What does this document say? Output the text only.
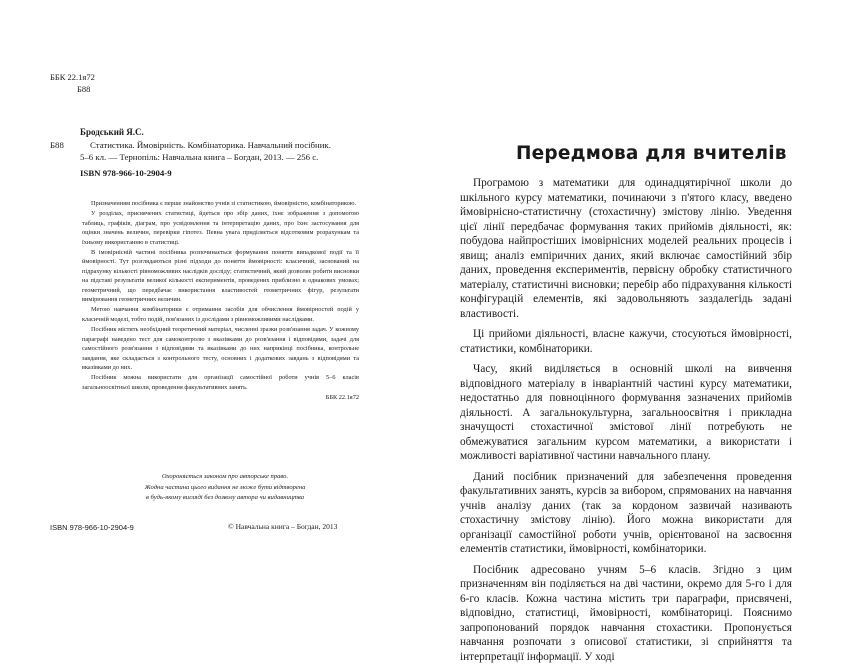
ББК 22.1я72
Б88
Бродський Я.С.
Б88	Статистика. Ймовірність. Комбінаторика. Навчальний посібник.
5–6 кл. — Тернопіль: Навчальна книга – Богдан, 2013. — 256 с.
ISBN 978-966-10-2904-9

Призначенням посібника є перше знайомство учнів зі статистикою, ймовірністю, комбінаторикою.

У розділах, присвячених статистиці, йдеться про збір даних, їхнє зображення з допомогою таблиць, графіків, діаграм, про усвідомлення та інтерпретацію даних, про їхнє застосування для оцінки значень величин, перевірки гіпотез. Певна увага приділяється відсотковим розрахункам та їхньому використанню в статистиці.

В імовірнісній частині посібника розпочинається формування поняття випадкової події та її ймовірності. Тут розглядаються різні підходи до поняття ймовірності: класичний, заснований на підрахунку кількості рівноможливих наслідків досліду; статистичний, який дозволяє робити висновки на підставі результатів великої кількості експериментів, проведених приблизно в однакових умовах; геометричний, що передбачає використання властивостей геометричних фігур, результати вимірювання геометричних величин.

Метою навчання комбінаторики є отримання засобів для обчислення ймовірностей подій у класичній моделі, тобто подій, пов'язаних із дослідами з рівноможливими наслідками.

Посібник містить необхідний теоретичний матеріал, численні зразки розв'язання задач. У кожному параграфі наведено тест для самоконтролю з вказівками до розв'язання і відповідями, задачі для самостійного розв'язання з відповідями та вказівками до них наприкінці посібника, контрольне завдання, яке складається з контрольного тесту, основних і додаткових завдань з відповідями та вказівками до них.

Посібник можна використати для організації самостійної роботи учнів 5–6 класів загальноосвітньої школи, проведення факультативних занять.

ББК 22.1я72
Охороняється законом про авторське право.
Жодна частина цього видання не може бути відтворена
в будь-якому вигляді без дозволу автора чи видавництва
ISBN 978-966-10-2904-9	© Навчальна книга – Богдан, 2013
Передмова для вчителів

Програмою з математики для одинадцятирічної школи до шкільного курсу математики, починаючи з п'ятого класу, введено ймовірнісно-статистичну (стохастичну) змістову лінію. Уведення цієї лінії передбачає формування таких прийомів діяльності, як: побудова найпростіших імовірнісних моделей реальних процесів і явищ; аналіз емпіричних даних, який включає самостійний збір даних, проведення експериментів, первісну обробку статистичного матеріалу, статистичні висновки; перебір або підрахування кількості конфігурацій елементів, які задовольняють заздалегідь задані властивості.

Ці прийоми діяльності, власне кажучи, стосуються ймовірності, статистики, комбінаторики.

Часу, який виділяється в основній школі на вивчення відповідного матеріалу в інваріантній частині курсу математики, недостатньо для повноцінного формування зазначених прийомів діяльності. А загальнокультурна, загальноосвітня і прикладна значущості стохастичної змістової лінії потребують не обмежуватися загальним курсом математики, а використати і можливості варіативної частини навчального плану.

Даний посібник призначений для забезпечення проведення факультативних занять, курсів за вибором, спрямованих на навчання учнів аналізу даних (так за кордоном зазвичай називають стохастичну змістову лінію). Його можна використати для організації самостійної роботи учнів, орієнтованої на засвоєння елементів статистики, ймовірності, комбінаторики.

Посібник адресовано учням 5–6 класів. Згідно з цим призначенням він поділяється на дві частини, окремо для 5-го і для 6-го класів. Кожна частина містить три параграфи, присвячені, відповідно, статистиці, ймовірності, комбінаториці. Пояснимо запропонований порядок навчання стохастики. Пропонується навчання розпочати з описової статистики, зі сприйняття та інтерпретації інформації. У ході
